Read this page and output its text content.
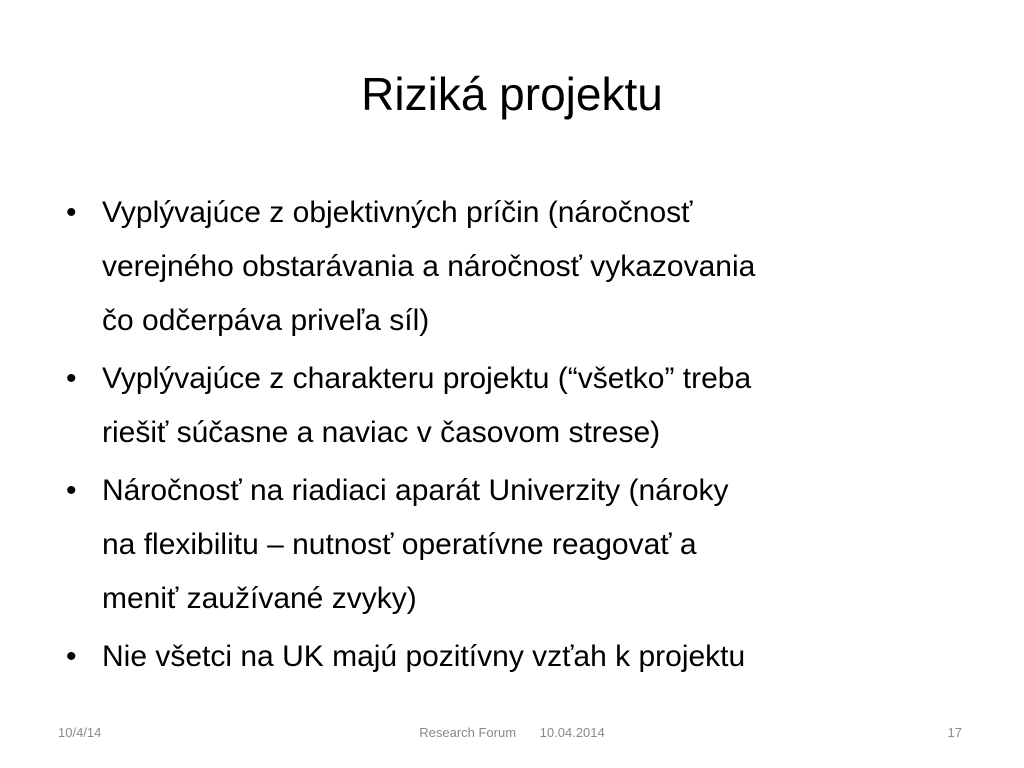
Riziká projektu
• Vyplývajúce z objektivných príčin (náročnosť
verejného obstarávania a náročnosť vykazovania
čo odčerpáva priveľa síl)
• Vyplývajúce z charakteru projektu (“všetko” treba
riešiť súčasne a naviac v časovom strese)
• Náročnosť na riadiaci aparát Univerzity (nároky
na flexibilitu – nutnosť operatívne reagovať a
meniť zaužívané zvyky)
• Nie všetci na UK majú pozitívny vzťah k projektu
10/4/14	Research Forum 10.04.2014	17
